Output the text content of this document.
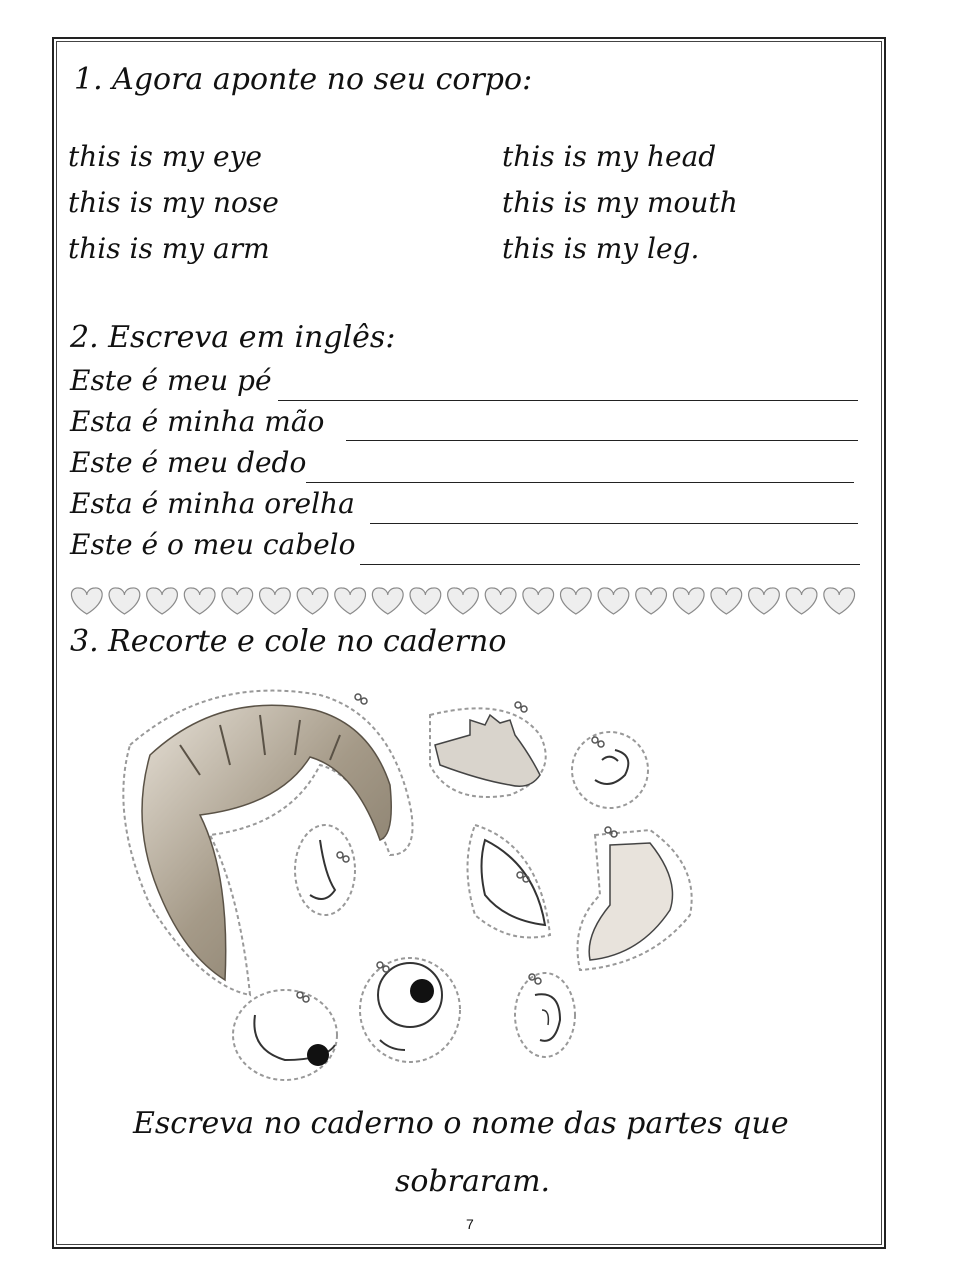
1. Agora aponte no seu corpo:
this is my eye
this is my nose
this is my arm
this is my head
this is my mouth
this is my leg.
2. Escreva em inglês:
Este é meu pé
Esta é minha mão
Este é meu dedo
Esta é minha orelha
Este é o meu cabelo
3. Recorte e cole no caderno
Escreva no caderno o nome das partes que
sobraram.
7
